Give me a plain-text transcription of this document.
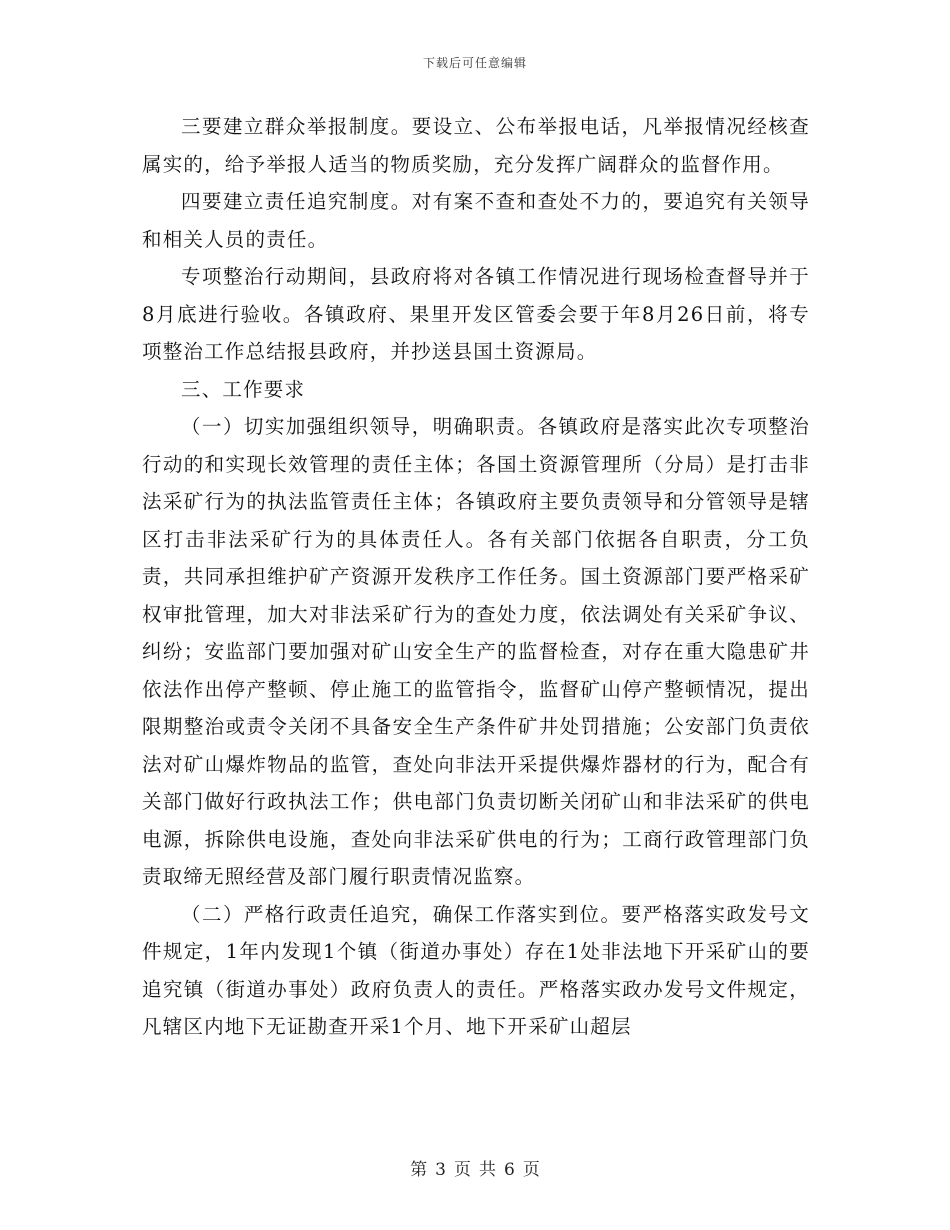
下载后可任意编辑

三要建立群众举报制度。要设立、公布举报电话，凡举报情况经核查属实的，给予举报人适当的物质奖励，充分发挥广阔群众的监督作用。

四要建立责任追究制度。对有案不查和查处不力的，要追究有关领导和相关人员的责任。

专项整治行动期间，县政府将对各镇工作情况进行现场检查督导并于8月底进行验收。各镇政府、果里开发区管委会要于年8月26日前，将专项整治工作总结报县政府，并抄送县国土资源局。

三、工作要求

（一）切实加强组织领导，明确职责。各镇政府是落实此次专项整治行动的和实现长效管理的责任主体；各国土资源管理所（分局）是打击非法采矿行为的执法监管责任主体；各镇政府主要负责领导和分管领导是辖区打击非法采矿行为的具体责任人。各有关部门依据各自职责，分工负责，共同承担维护矿产资源开发秩序工作任务。国土资源部门要严格采矿权审批管理，加大对非法采矿行为的查处力度，依法调处有关采矿争议、纠纷；安监部门要加强对矿山安全生产的监督检查，对存在重大隐患矿井依法作出停产整顿、停止施工的监管指令，监督矿山停产整顿情况，提出限期整治或责令关闭不具备安全生产条件矿井处罚措施；公安部门负责依法对矿山爆炸物品的监管，查处向非法开采提供爆炸器材的行为，配合有关部门做好行政执法工作；供电部门负责切断关闭矿山和非法采矿的供电电源，拆除供电设施，查处向非法采矿供电的行为；工商行政管理部门负责取缔无照经营及部门履行职责情况监察。

（二）严格行政责任追究，确保工作落实到位。要严格落实政发号文件规定，1年内发现1个镇（街道办事处）存在1处非法地下开采矿山的要追究镇（街道办事处）政府负责人的责任。严格落实政办发号文件规定，凡辖区内地下无证勘查开采1个月、地下开采矿山超层

第 3 页 共 6 页
